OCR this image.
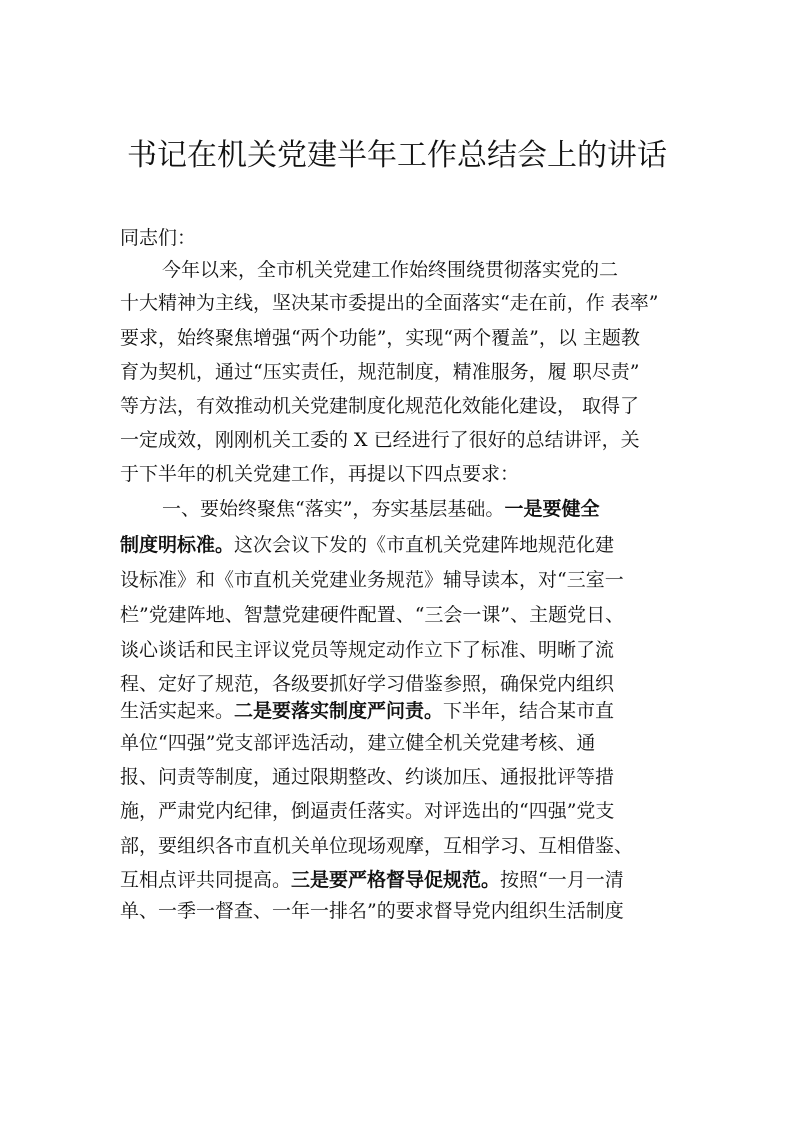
书记在机关党建半年工作总结会上的讲话

同志们：

今年以来，全市机关党建工作始终围绕贯彻落实党的二

十大精神为主线，坚决某市委提出的全面落实“走在前，作 表率”

要求，始终聚焦增强“两个功能”，实现“两个覆盖”，以 主题教

育为契机，通过“压实责任，规范制度，精准服务，履 职尽责”

等方法，有效推动机关党建制度化规范化效能化建设， 取得了

一定成效，刚刚机关工委的 X 已经进行了很好的总结讲评，关

于下半年的机关党建工作，再提以下四点要求：

一、要始终聚焦“落实”，夯实基层基础。一是要健全

制度明标准。这次会议下发的《市直机关党建阵地规范化建

设标准》和《市直机关党建业务规范》辅导读本，对“三室一

栏”党建阵地、智慧党建硬件配置、“三会一课”、主题党日、

谈心谈话和民主评议党员等规定动作立下了标准、明晰了流

程、定好了规范，各级要抓好学习借鉴参照，确保党内组织

生活实起来。二是要落实制度严问责。下半年，结合某市直

单位“四强”党支部评选活动，建立健全机关党建考核、通

报、问责等制度，通过限期整改、约谈加压、通报批评等措

施，严肃党内纪律，倒逼责任落实。对评选出的“四强”党支

部，要组织各市直机关单位现场观摩，互相学习、互相借鉴、

互相点评共同提高。三是要严格督导促规范。按照“一月一清

单、一季一督查、一年一排名”的要求督导党内组织生活制度
